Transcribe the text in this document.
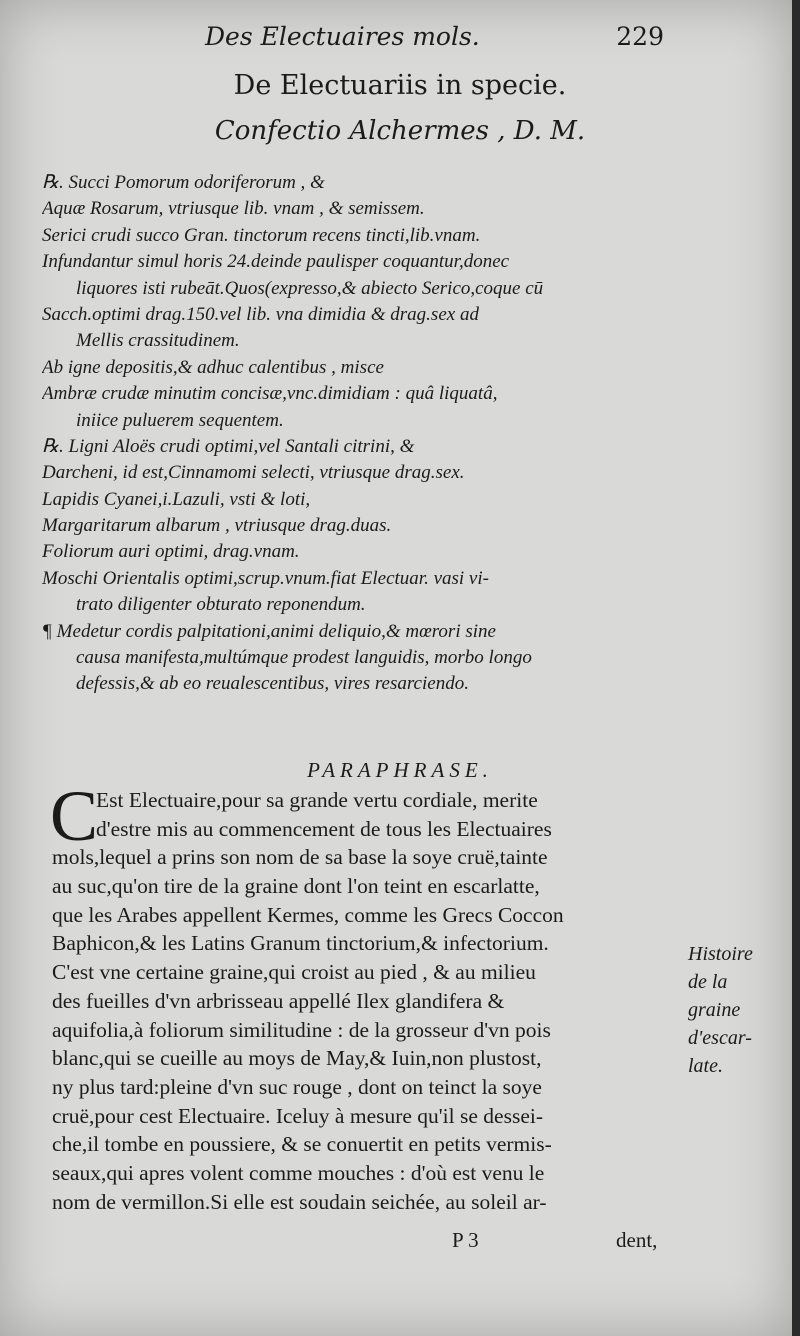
Des Electuaires mols.	229
De Electuariis in specie.
Confectio Alchermes , D. M.
℞. Succi Pomorum odoriferorum , &
Aquæ Rosarum, vtriusque lib. vnam , & semissem.
Serici crudi succo Gran. tinctorum recens tincti,lib.vnam.
Infundantur simul horis 24.deinde paulisper coquantur,donec
liquores isti rubeāt.Quos(expresso,& abiecto Serico,coque cū
Sacch.optimi drag.150.vel lib. vna dimidia & drag.sex ad
Mellis crassitudinem.
Ab igne depositis,& adhuc calentibus , misce
Ambræ crudæ minutim concisæ,vnc.dimidiam : quâ liquatâ,
iniice puluerem sequentem.
℞. Ligni Aloës crudi optimi,vel Santali citrini, &
Darcheni, id est,Cinnamomi selecti, vtriusque drag.sex.
Lapidis Cyanei,i.Lazuli, vsti & loti,
Margaritarum albarum , vtriusque drag.duas.
Foliorum auri optimi, drag.vnam.
Moschi Orientalis optimi,scrup.vnum.fiat Electuar. vasi vi-
trato diligenter obturato reponendum.
¶ Medetur cordis palpitationi,animi deliquio,& mœrori sine
causa manifesta,multúmque prodest languidis, morbo longo
defessis,& ab eo reualescentibus, vires resarciendo.
PARAPHRASE.
C
Est Electuaire,pour sa grande vertu cordiale, merite
d'estre mis au commencement de tous les Electuaires
mols,lequel a prins son nom de sa base la soye cruë,tainte
au suc,qu'on tire de la graine dont l'on teint en escarlatte,
que les Arabes appellent Kermes, comme les Grecs Coccon
Baphicon,& les Latins Granum tinctorium,& infectorium.
C'est vne certaine graine,qui croist au pied , & au milieu
des fueilles d'vn arbrisseau appellé Ilex glandifera &
aquifolia,à foliorum similitudine : de la grosseur d'vn pois
blanc,qui se cueille au moys de May,& Iuin,non plustost,
ny plus tard:pleine d'vn suc rouge , dont on teinct la soye
cruë,pour cest Electuaire. Iceluy à mesure qu'il se dessei-
che,il tombe en poussiere, & se conuertit en petits vermis-
seaux,qui apres volent comme mouches : d'où est venu le
nom de vermillon.Si elle est soudain seichée, au soleil ar-
Histoire
de la
graine
d'escar-
late.
P 3	dent,
